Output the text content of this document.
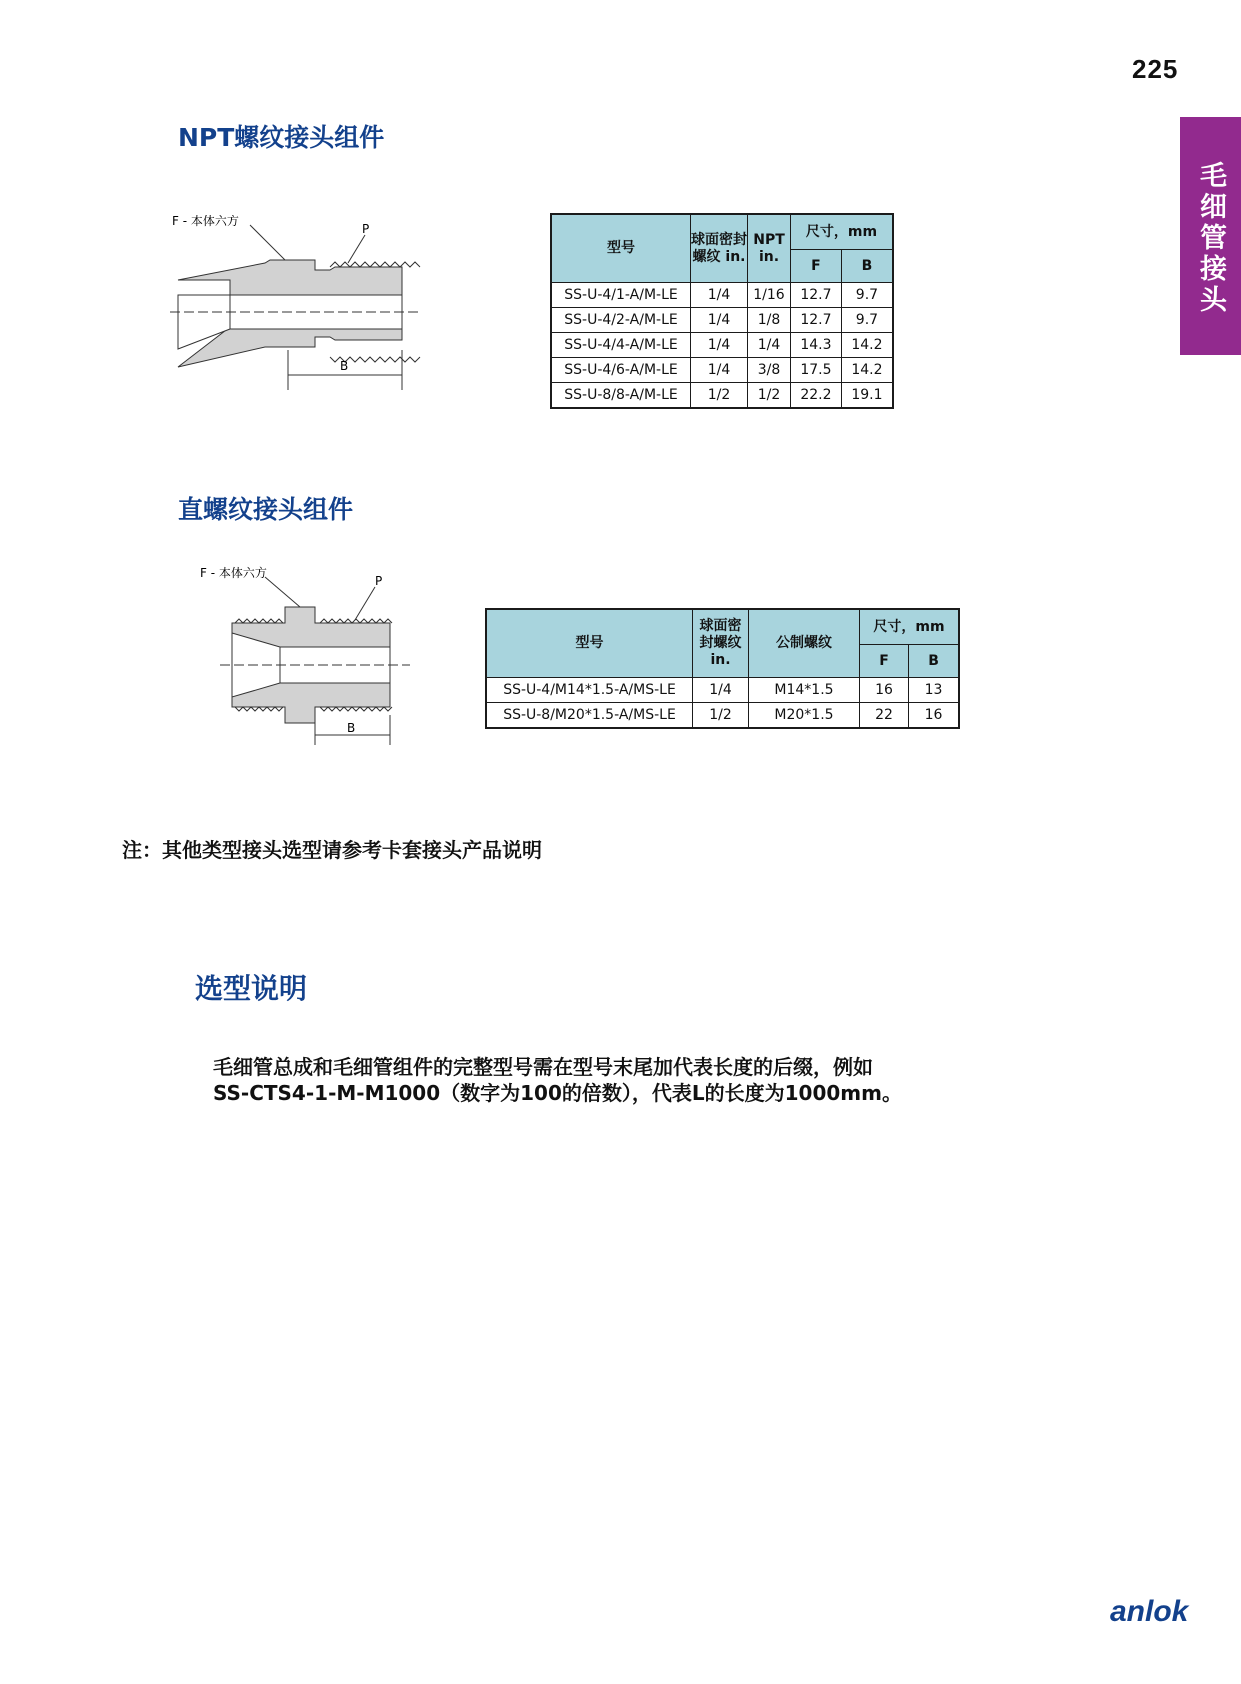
225
毛细管接头
NPT螺纹接头组件
F - 本体六方
P
B
型号	球面密封螺纹 in.	NPT in.	尺寸，mm	
			F	B
SS-U-4/1-A/M-LE	1/4	1/16	12.7	9.7
SS-U-4/2-A/M-LE	1/4	1/8	12.7	9.7
SS-U-4/4-A/M-LE	1/4	1/4	14.3	14.2
SS-U-4/6-A/M-LE	1/4	3/8	17.5	14.2
SS-U-8/8-A/M-LE	1/2	1/2	22.2	19.1
直螺纹接头组件
F - 本体六方
P
B
型号	球面密封螺纹 in.	公制螺纹	尺寸，mm	
			F	B
SS-U-4/M14*1.5-A/MS-LE	1/4	M14*1.5	16	13
SS-U-8/M20*1.5-A/MS-LE	1/2	M20*1.5	22	16
注：其他类型接头选型请参考卡套接头产品说明
选型说明
毛细管总成和毛细管组件的完整型号需在型号末尾加代表长度的后缀，例如
SS-CTS4-1-M-M1000（数字为100的倍数），代表L的长度为1000mm。
anlok
